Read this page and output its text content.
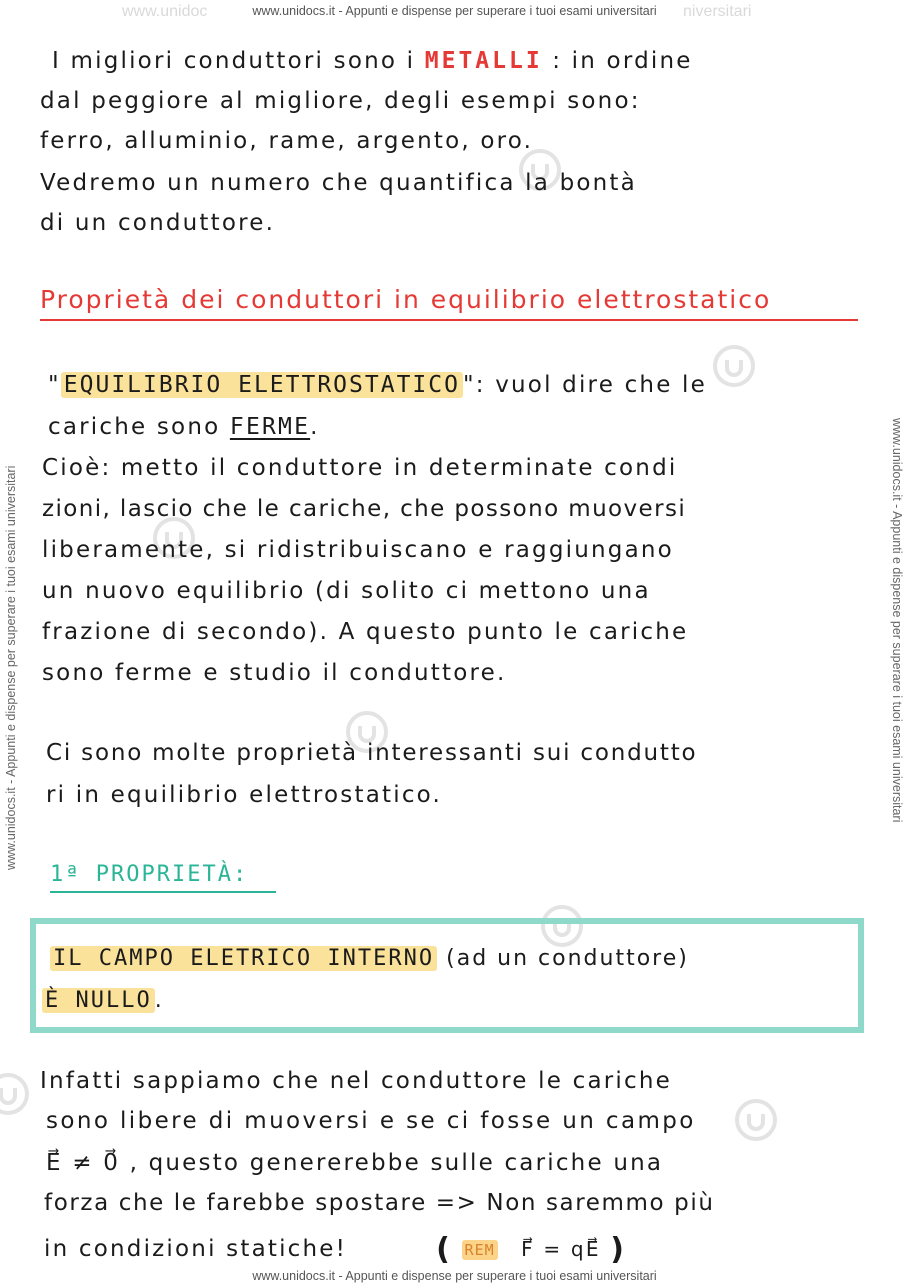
www.unidoc	niversitari
www.unidocs.it - Appunti e dispense per superare i tuoi esami universitari
www.unidocs.it - Appunti e dispense per superare i tuoi esami universitari
www.unidocs.it - Appunti e dispense per superare i tuoi esami universitari	www.unidocs.it - Appunti e dispense per superare i tuoi esami universitari
I migliori conduttori sono i METALLI : in ordine
dal peggiore al migliore, degli esempi sono:
ferro, alluminio, rame, argento, oro.
Vedremo un numero che quantifica la bontà
di un conduttore.
Proprietà dei conduttori in equilibrio elettrostatico
" EQUILIBRIO ELETTROSTATICO ": vuol dire che le
cariche sono FERME.
Cioè: metto il conduttore in determinate condi
zioni, lascio che le cariche, che possono muoversi
liberamente, si ridistribuiscano e raggiungano
un nuovo equilibrio (di solito ci mettono una
frazione di secondo). A questo punto le cariche
sono ferme e studio il conduttore.
Ci sono molte proprietà interessanti sui condutto
ri in equilibrio elettrostatico.
1ª PROPRIETÀ:
IL CAMPO ELETRICO INTERNO (ad un conduttore)
È NULLO .
Infatti sappiamo che nel conduttore le cariche
sono libere di muoversi e se ci fosse un campo
E⃗ ≠ 0⃗ , questo genererebbe sulle cariche una
forza che le farebbe spostare => Non saremmo più
in condizioni statiche!	( REM F⃗ = qE⃗ )
